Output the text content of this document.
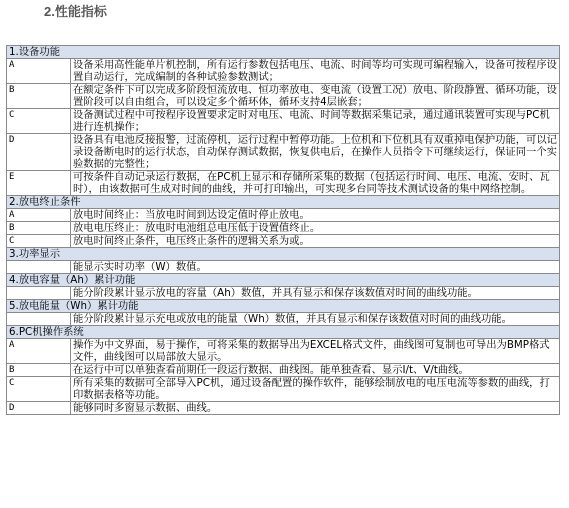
2.性能指标
1.设备功能	
A	设备采用高性能单片机控制，所有运行参数包括电压、电流、时间等均可实现可编程输入，设备可按程序设置自动运行，完成编制的各种试验参数测试；
B	在额定条件下可以完成多阶段恒流放电、恒功率放电、变电流（设置工况）放电、阶段静置、循环功能，设置阶段可以自由组合，可以设定多个循环体，循环支持4层嵌套；
C	设备测试过程中可按程序设置要求定时对电压、电流、时间等数据采集记录，通过通讯装置可实现与PC机进行连机操作；
D	设备具有电池反接报警，过流停机，运行过程中暂停功能。上位机和下位机具有双重掉电保护功能，可以记录设备断电时的运行状态，自动保存测试数据，恢复供电后，在操作人员指令下可继续运行，保证同一个实验数据的完整性；
E	可按条件自动记录运行数据，在PC机上显示和存储所采集的数据（包括运行时间、电压、电流、安时、瓦时），由该数据可生成对时间的曲线，并可打印输出，可实现多台同等技术测试设备的集中网络控制。
2.放电终止条件	
A	放电时间终止：当放电时间到达设定值时停止放电。
B	放电电压终止：放电时电池组总电压低于设置值终止。
C	放电时间终止条件，电压终止条件的逻辑关系为或。
3.功率显示	
	能显示实时功率（W）数值。
4.放电容量（Ah）累计功能	
	能分阶段累计显示放电的容量（Ah）数值，并具有显示和保存该数值对时间的曲线功能。
5.放电能量（Wh）累计功能	
	能分阶段累计显示充电或放电的能量（Wh）数值，并具有显示和保存该数值对时间的曲线功能。
6.PC机操作系统	
A	操作为中文界面，易于操作，可将采集的数据导出为EXCEL格式文件，曲线图可复制也可导出为BMP格式文件，曲线图可以局部放大显示。
B	在运行中可以单独查看前期任一段运行数据、曲线图。能单独查看、显示I/t、V/t曲线。
C	所有采集的数据可全部导入PC机，通过设备配置的操作软件，能够绘制放电的电压电流等参数的曲线，打印数据表格等功能。
D	能够同时多窗显示数据、曲线。
